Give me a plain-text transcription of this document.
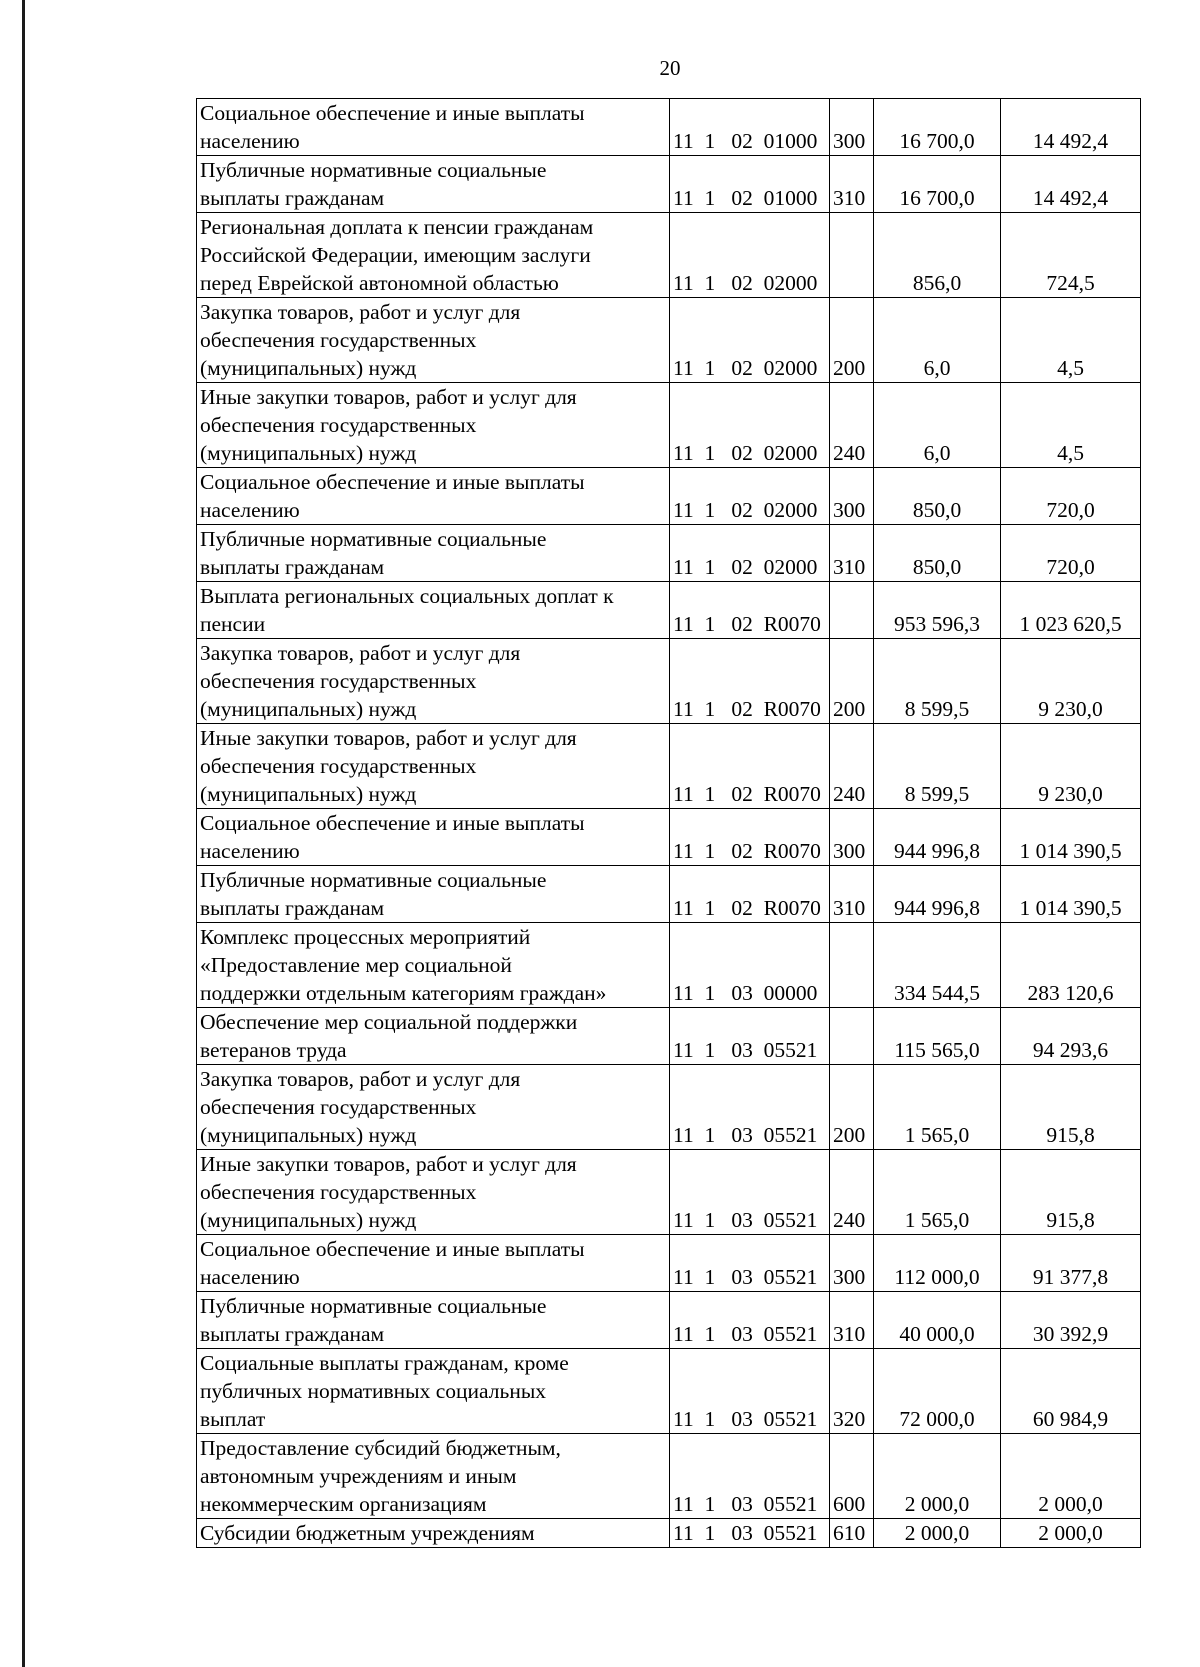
20
Социальное обеспечение и иные выплаты
населению	11  1   02  01000	300	16 700,0	14 492,4
Публичные нормативные социальные
выплаты гражданам	11  1   02  01000	310	16 700,0	14 492,4
Региональная доплата к пенсии гражданам
Российской Федерации, имеющим заслуги
перед Еврейской автономной областью	11  1   02  02000		856,0	724,5
Закупка товаров, работ и услуг для
обеспечения государственных
(муниципальных) нужд	11  1   02  02000	200	6,0	4,5
Иные закупки товаров, работ и услуг для
обеспечения государственных
(муниципальных) нужд	11  1   02  02000	240	6,0	4,5
Социальное обеспечение и иные выплаты
населению	11  1   02  02000	300	850,0	720,0
Публичные нормативные социальные
выплаты гражданам	11  1   02  02000	310	850,0	720,0
Выплата региональных социальных доплат к
пенсии	11  1   02  R0070		953 596,3	1 023 620,5
Закупка товаров, работ и услуг для
обеспечения государственных
(муниципальных) нужд	11  1   02  R0070	200	8 599,5	9 230,0
Иные закупки товаров, работ и услуг для
обеспечения государственных
(муниципальных) нужд	11  1   02  R0070	240	8 599,5	9 230,0
Социальное обеспечение и иные выплаты
населению	11  1   02  R0070	300	944 996,8	1 014 390,5
Публичные нормативные социальные
выплаты гражданам	11  1   02  R0070	310	944 996,8	1 014 390,5
Комплекс процессных мероприятий
«Предоставление мер социальной
поддержки отдельным категориям граждан»	11  1   03  00000		334 544,5	283 120,6
Обеспечение мер социальной поддержки
ветеранов труда	11  1   03  05521		115 565,0	94 293,6
Закупка товаров, работ и услуг для
обеспечения государственных
(муниципальных) нужд	11  1   03  05521	200	1 565,0	915,8
Иные закупки товаров, работ и услуг для
обеспечения государственных
(муниципальных) нужд	11  1   03  05521	240	1 565,0	915,8
Социальное обеспечение и иные выплаты
населению	11  1   03  05521	300	112 000,0	91 377,8
Публичные нормативные социальные
выплаты гражданам	11  1   03  05521	310	40 000,0	30 392,9
Социальные выплаты гражданам, кроме
публичных нормативных социальных
выплат	11  1   03  05521	320	72 000,0	60 984,9
Предоставление субсидий бюджетным,
автономным учреждениям и иным
некоммерческим организациям	11  1   03  05521	600	2 000,0	2 000,0
Субсидии бюджетным учреждениям	11  1   03  05521	610	2 000,0	2 000,0
